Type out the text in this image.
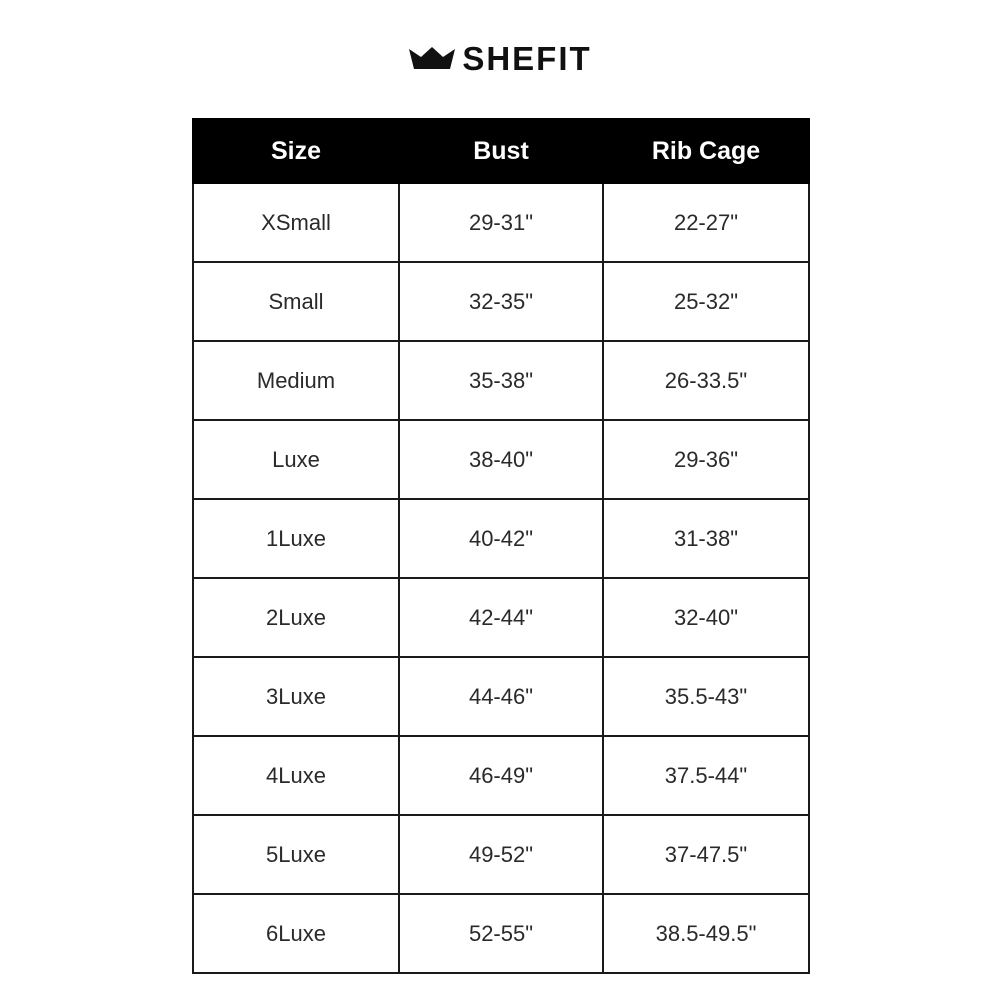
SHEFIT
Size	Bust	Rib Cage
XSmall	29-31"	22-27"
Small	32-35"	25-32"
Medium	35-38"	26-33.5"
Luxe	38-40"	29-36"
1Luxe	40-42"	31-38"
2Luxe	42-44"	32-40"
3Luxe	44-46"	35.5-43"
4Luxe	46-49"	37.5-44"
5Luxe	49-52"	37-47.5"
6Luxe	52-55"	38.5-49.5"
